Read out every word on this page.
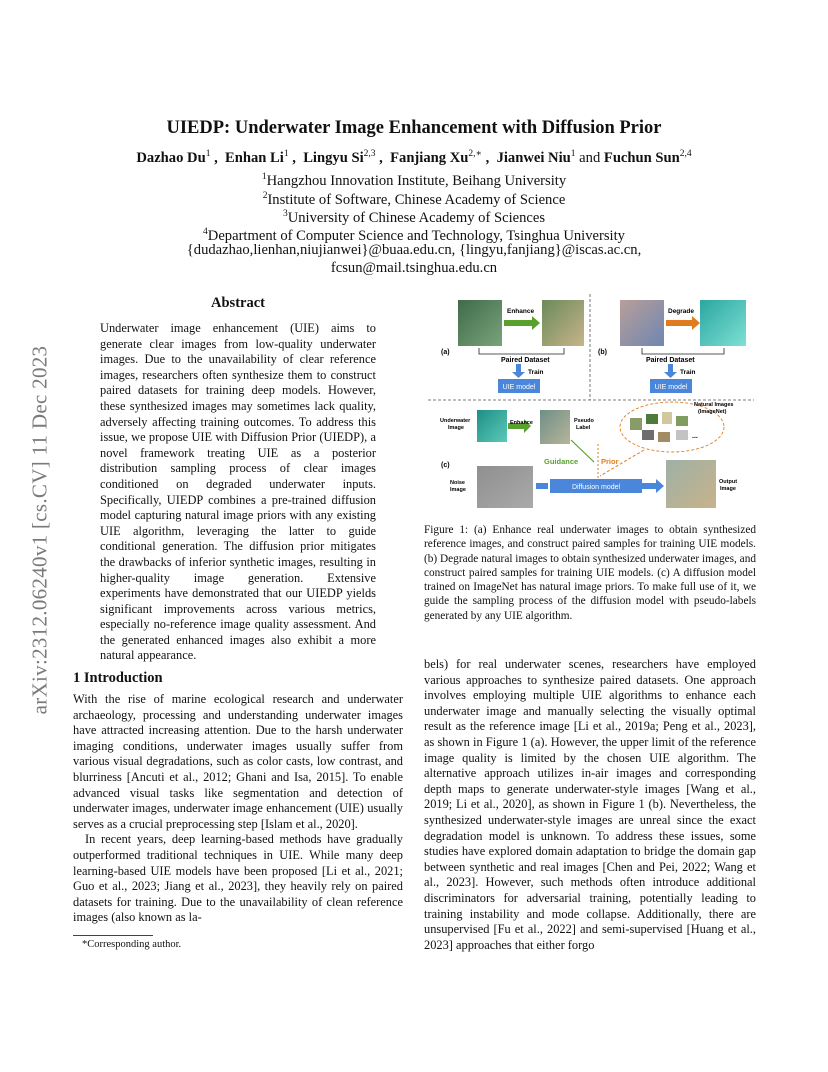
arXiv:2312.06240v1 [cs.CV] 11 Dec 2023
UIEDP: Underwater Image Enhancement with Diffusion Prior
Dazhao Du$^1$ ,  Enhan Li$^1$ ,  Lingyu Si$^{2,3}$ ,  Fanjiang $Xu^{2,∗}$ ,  Jianwei Niu$^1$ and Fuchun Sun$^{2,4}$
$^1$Hangzhou Innovation Institute, Beihang University
$^2$Institute of Software, Chinese Academy of Science
$^3$University of Chinese Academy of Sciences
$^4$Department of Computer Science and Technology, Tsinghua University
{dudazhao,lienhan,niujianwei}@buaa.edu.cn, {lingyu,fanjiang}@iscas.ac.cn,
fcsun@mail.tsinghua.edu.cn
Abstract
Underwater image enhancement (UIE) aims to generate clear images from low-quality underwater images. Due to the unavailability of clear reference images, researchers often synthesize them to construct paired datasets for training deep models. However, these synthesized images may sometimes lack quality, adversely affecting training outcomes. To address this issue, we propose UIE with Diffusion Prior (UIEDP), a novel framework treating UIE as a posterior distribution sampling process of clear images conditioned on degraded underwater inputs. Specifically, UIEDP combines a pre-trained diffusion model capturing natural image priors with any existing UIE algorithm, leveraging the latter to guide conditional generation. The diffusion prior mitigates the drawbacks of inferior synthetic images, resulting in higher-quality image generation. Extensive experiments have demonstrated that our UIEDP yields significant improvements across various metrics, especially no-reference image quality assessment. And the generated enhanced images also exhibit a more natural appearance.
1 Introduction
With the rise of marine ecological research and underwater archaeology, processing and understanding underwater images have attracted increasing attention. Due to the harsh underwater imaging conditions, underwater images usually suffer from various visual degradations, such as color casts, low contrast, and blurriness [Ancuti et al., 2012; Ghani and Isa, 2015]. To enable advanced visual tasks like segmentation and detection of underwater images, underwater image enhancement (UIE) usually serves as a crucial preprocessing step [Islam et al., 2020].
In recent years, deep learning-based methods have gradually outperformed traditional techniques in UIE. While many deep learning-based UIE models have been proposed [Li et al., 2021; Guo et al., 2023; Jiang et al., 2023], they heavily rely on paired datasets for training. Due to the unavailability of clean reference images (also known as la-
*Corresponding author.
bels) for real underwater scenes, researchers have employed various approaches to synthesize paired datasets. One approach involves employing multiple UIE algorithms to enhance each underwater image and manually selecting the visually optimal result as the reference image [Li et al., 2019a; Peng et al., 2023], as shown in Figure 1 (a). However, the upper limit of the reference image quality is limited by the chosen UIE algorithm. The alternative approach utilizes in-air images and corresponding depth maps to generate underwater-style images [Wang et al., 2019; Li et al., 2020], as shown in Figure 1 (b). Nevertheless, the synthesized underwater-style images are unreal since the exact degradation model is unknown. To address these issues, some studies have explored domain adaptation to bridge the domain gap between synthetic and real images [Chen and Pei, 2022; Wang et al., 2023]. However, such methods often introduce additional discriminators for adversarial training, potentially leading to training instability and mode collapse. Additionally, there are unsupervised [Fu et al., 2022] and semi-supervised [Huang et al., 2023] approaches that either forgo
Enhance
(a)
Paired Dataset
Train
UIE model
Degrade
(b)
Paired Dataset
Train
UIE model
Underwater Image
Enhance	Pseudo Label
Natural Images (ImageNet)
...
(c)	Guidance	Prior
Noise Image	Diffusion model
Output Image
Figure 1: (a) Enhance real underwater images to obtain synthesized reference images, and construct paired samples for training UIE models. (b) Degrade natural images to obtain synthesized underwater images, and construct paired samples for training UIE models. (c) A diffusion model trained on ImageNet has natural image priors. To make full use of it, we guide the sampling process of the diffusion model with pseudo-labels generated by any UIE algorithm.
